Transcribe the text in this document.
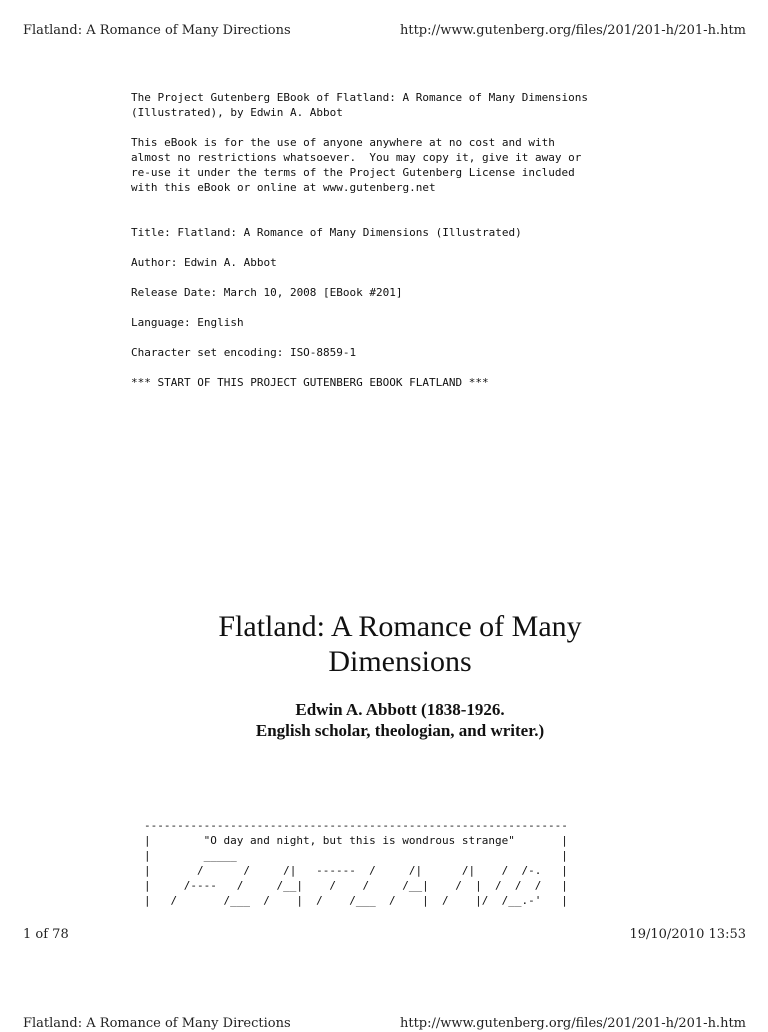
Flatland: A Romance of Many Directions	http://www.gutenberg.org/files/201/201-h/201-h.htm
The Project Gutenberg EBook of Flatland: A Romance of Many Dimensions
(Illustrated), by Edwin A. Abbot
This eBook is for the use of anyone anywhere at no cost and with
almost no restrictions whatsoever.  You may copy it, give it away or
re-use it under the terms of the Project Gutenberg License included
with this eBook or online at www.gutenberg.net
Title: Flatland: A Romance of Many Dimensions (Illustrated)
Author: Edwin A. Abbot
Release Date: March 10, 2008 [EBook #201]
Language: English
Character set encoding: ISO-8859-1
*** START OF THIS PROJECT GUTENBERG EBOOK FLATLAND ***
Flatland: A Romance of Many
Dimensions
Edwin A. Abbott (1838-1926.
English scholar, theologian, and writer.)

----------------------------------------------------------------
|        "O day and night, but this is wondrous strange"       |
|        _____                                                 |
|       /      /     /|   ------  /     /|      /|    /  /-.   |
|     /----   /     /__|    /    /     /__|    /  |  /  /  /   |
|   /       /___  /    |  /    /___  /    |  /    |/  /__.-'   |

1 of 78	19/10/2010 13:53
Flatland: A Romance of Many Directions	http://www.gutenberg.org/files/201/201-h/201-h.htm
